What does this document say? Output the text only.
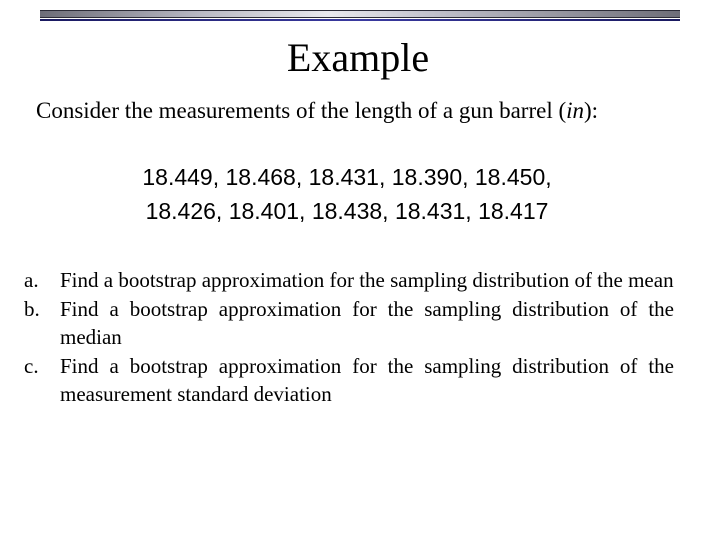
Example
Consider the measurements of the length of a gun barrel (in):
18.449, 18.468, 18.431, 18.390, 18.450,
18.426, 18.401, 18.438, 18.431, 18.417
a. Find a bootstrap approximation for the sampling distribution of the mean
b. Find a bootstrap approximation for the sampling distribution of the median
c. Find a bootstrap approximation for the sampling distribution of the measurement standard deviation
